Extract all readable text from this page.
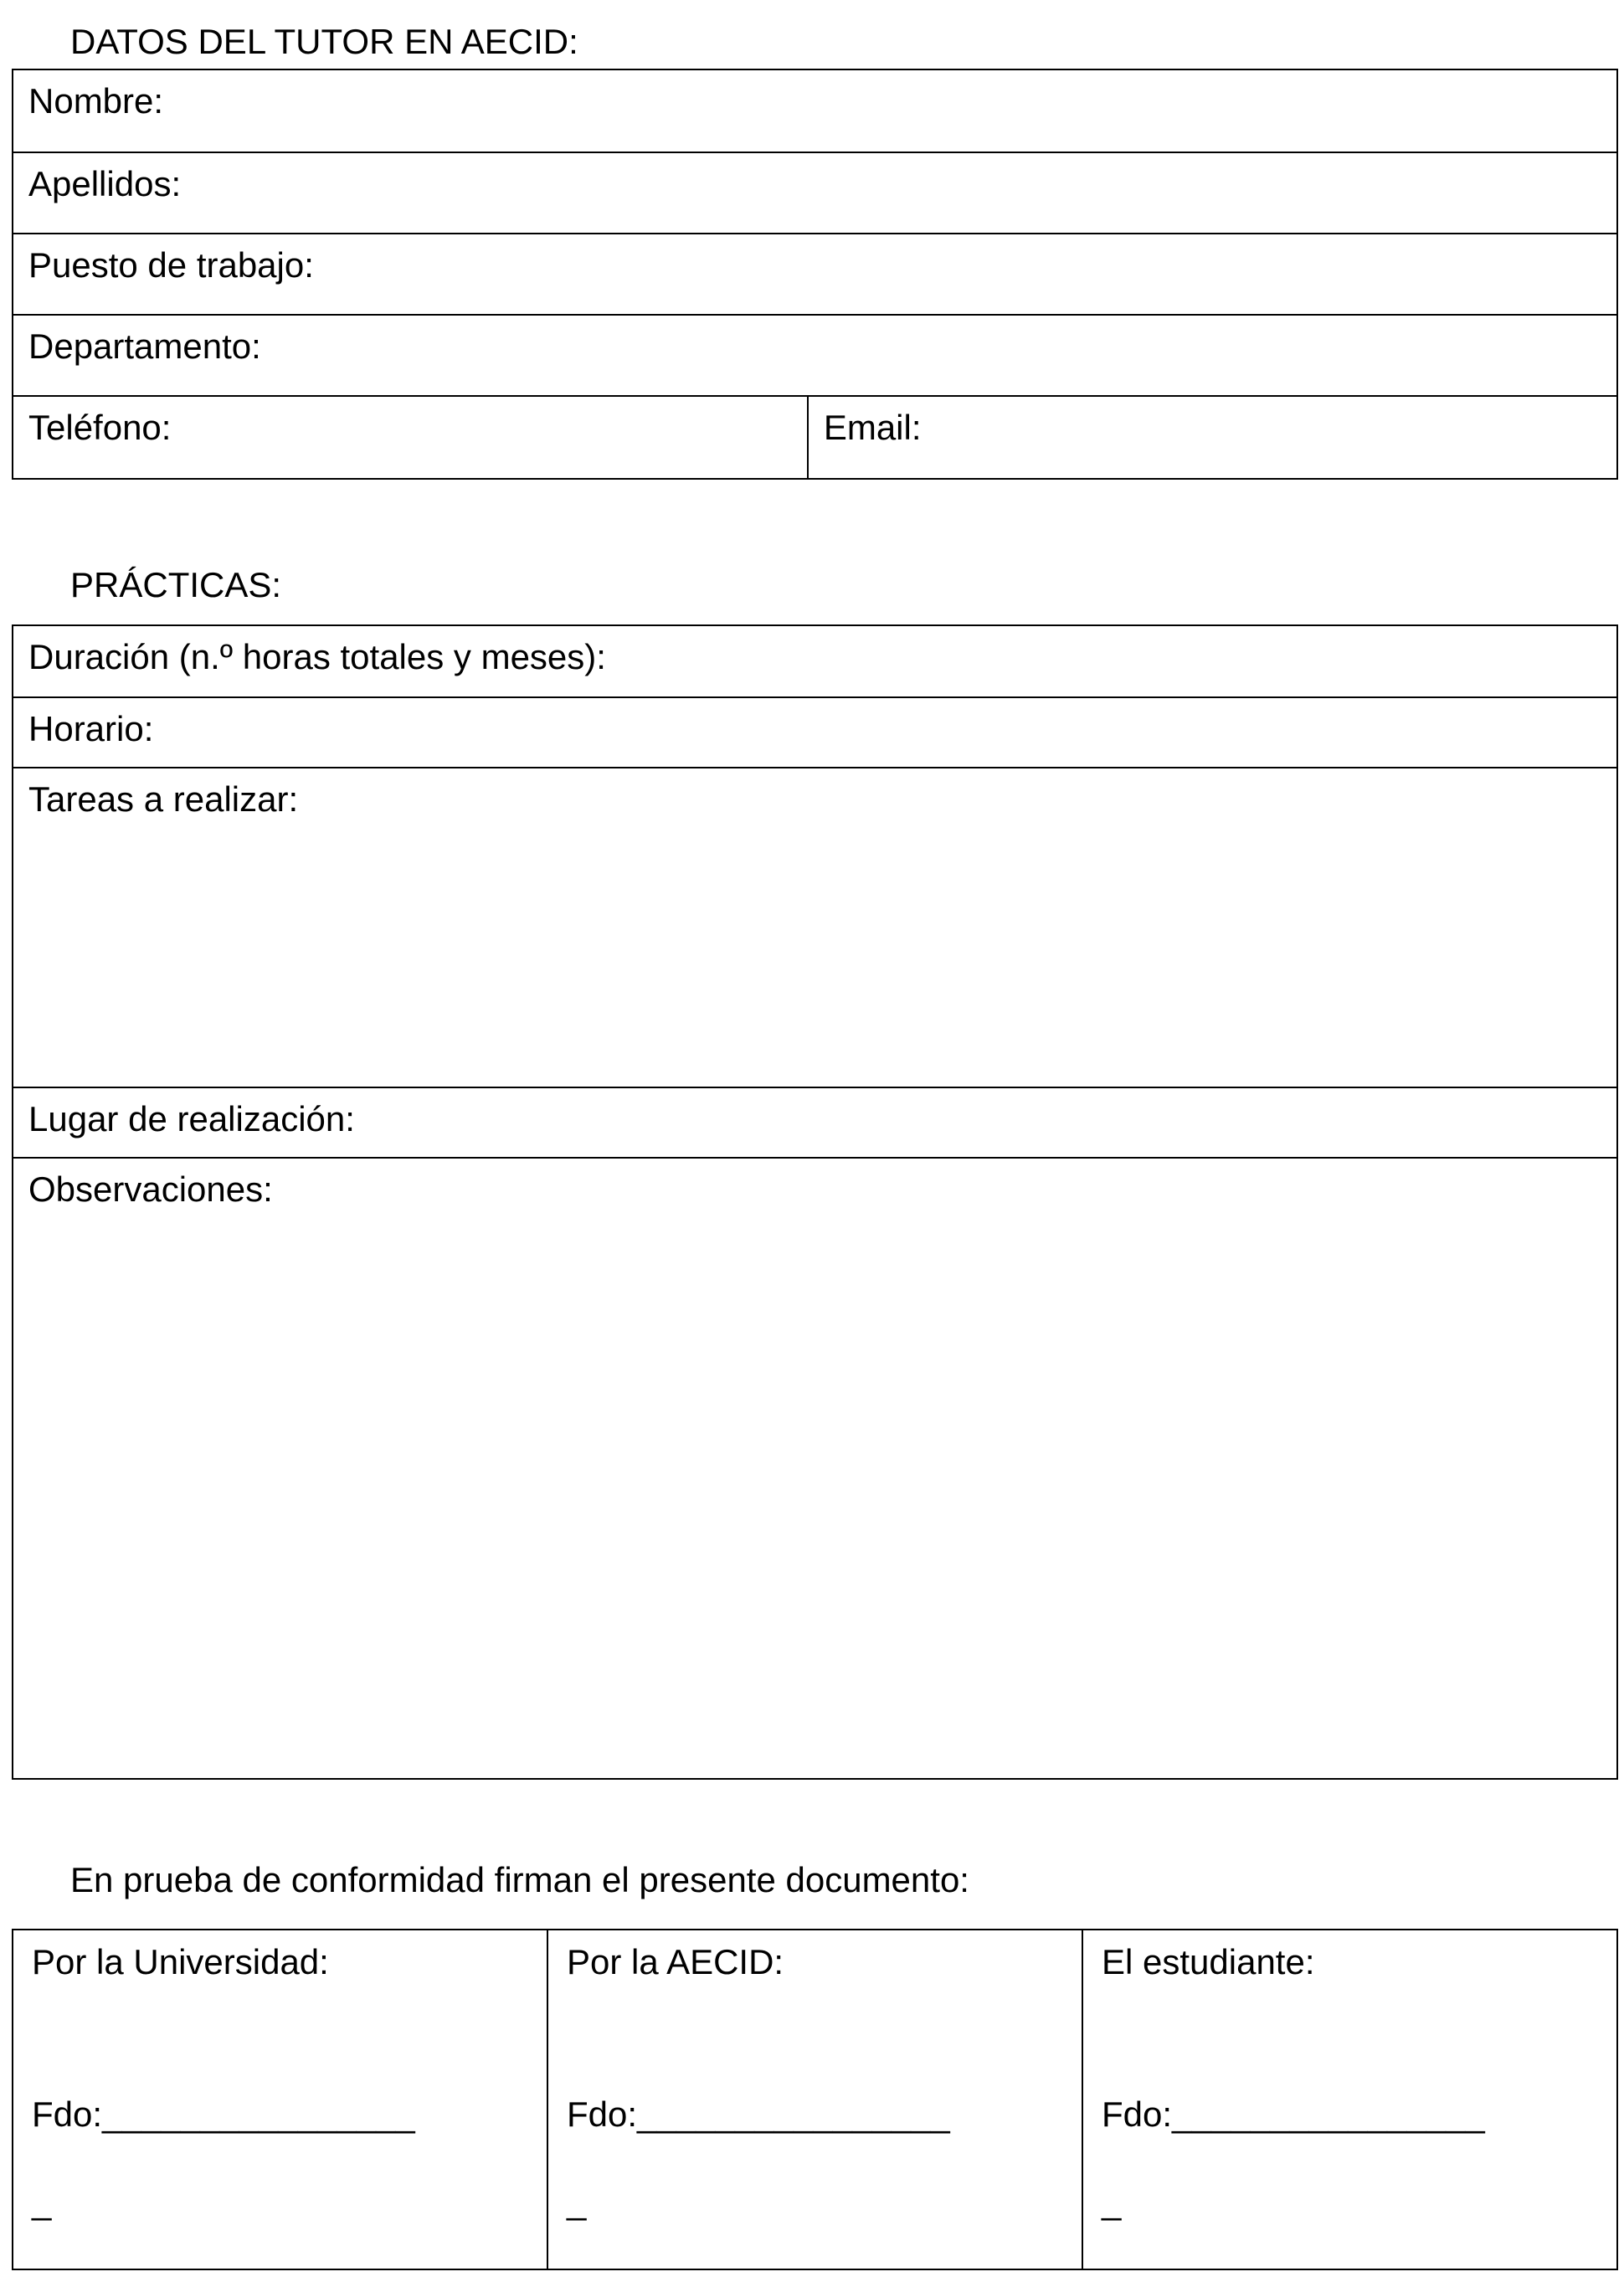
DATOS DEL TUTOR EN AECID:
Nombre:
Apellidos:
Puesto de trabajo:
Departamento:
Teléfono:	Email:
PRÁCTICAS:
Duración (n.º horas totales y meses):
Horario:
Tareas a realizar:
Lugar de realización:
Observaciones:
En prueba de conformidad firman el presente documento:
Por la Universidad:
Fdo:________________
_
Por la AECID:
Fdo:________________
_
El estudiante:
Fdo:________________
_
